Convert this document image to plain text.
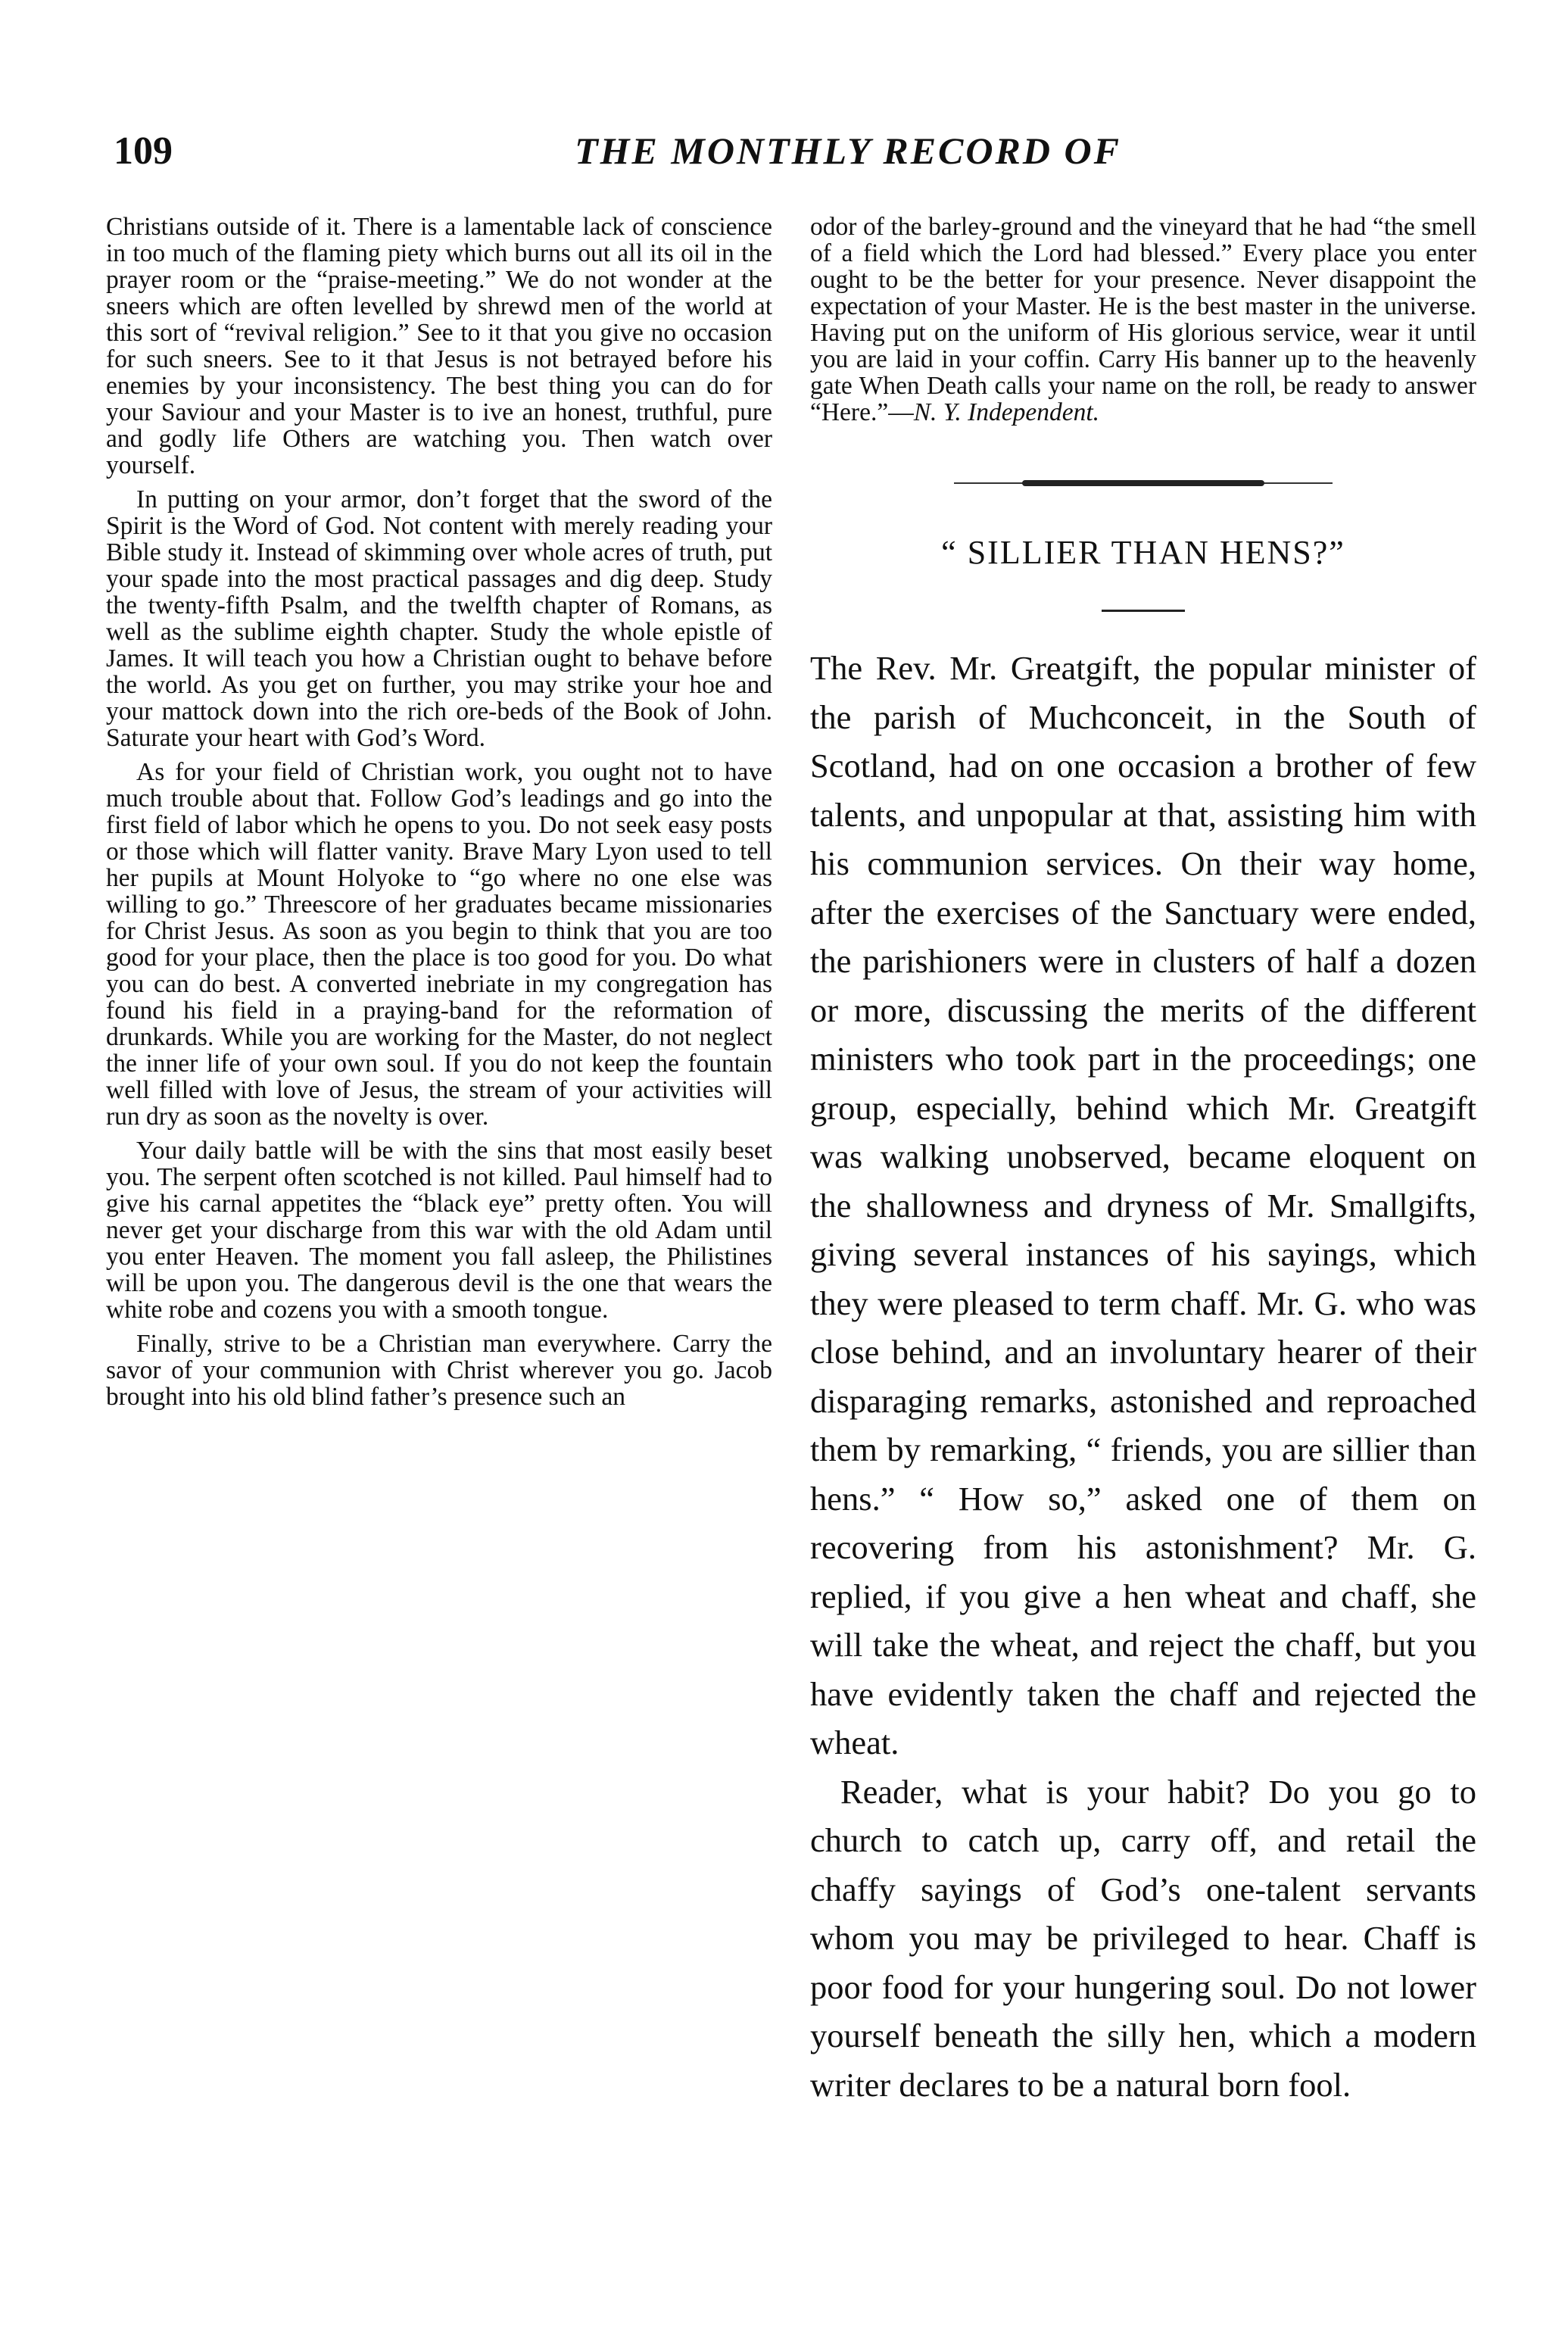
109	THE MONTHLY RECORD OF

Christians outside of it. There is a lamentable lack of conscience in too much of the flaming piety which burns out all its oil in the prayer room or the “praise-meeting.” We do not wonder at the sneers which are often levelled by shrewd men of the world at this sort of “revival religion.” See to it that you give no occasion for such sneers. See to it that Jesus is not betrayed before his enemies by your inconsistency. The best thing you can do for your Saviour and your Master is to ive an honest, truthful, pure and godly life Others are watching you. Then watch over yourself.

In putting on your armor, don’t forget that the sword of the Spirit is the Word of God. Not content with merely reading your Bible study it. Instead of skimming over whole acres of truth, put your spade into the most practical passages and dig deep. Study the twenty-fifth Psalm, and the twelfth chapter of Romans, as well as the sublime eighth chapter. Study the whole epistle of James. It will teach you how a Christian ought to behave before the world. As you get on further, you may strike your hoe and your mattock down into the rich ore-beds of the Book of John. Saturate your heart with God’s Word.

As for your field of Christian work, you ought not to have much trouble about that. Follow God’s leadings and go into the first field of labor which he opens to you. Do not seek easy posts or those which will flatter vanity. Brave Mary Lyon used to tell her pupils at Mount Holyoke to “go where no one else was willing to go.” Threescore of her graduates became missionaries for Christ Jesus. As soon as you begin to think that you are too good for your place, then the place is too good for you. Do what you can do best. A converted inebriate in my congregation has found his field in a praying-band for the reformation of drunkards. While you are working for the Master, do not neglect the inner life of your own soul. If you do not keep the fountain well filled with love of Jesus, the stream of your activities will run dry as soon as the novelty is over.

Your daily battle will be with the sins that most easily beset you. The serpent often scotched is not killed. Paul himself had to give his carnal appetites the “black eye” pretty often. You will never get your discharge from this war with the old Adam until you enter Heaven. The moment you fall asleep, the Philistines will be upon you. The dangerous devil is the one that wears the white robe and cozens you with a smooth tongue.

Finally, strive to be a Christian man everywhere. Carry the savor of your communion with Christ wherever you go. Jacob brought into his old blind father’s presence such an

odor of the barley-ground and the vineyard that he had “the smell of a field which the Lord had blessed.” Every place you enter ought to be the better for your presence. Never disappoint the expectation of your Master. He is the best master in the universe. Having put on the uniform of His glorious service, wear it until you are laid in your coffin. Carry His banner up to the heavenly gate When Death calls your name on the roll, be ready to answer “Here.”—N. Y. Independent.

“ SILLIER THAN HENS?”

The Rev. Mr. Greatgift, the popular minister of the parish of Muchconceit, in the South of Scotland, had on one occasion a brother of few talents, and unpopular at that, assisting him with his communion services. On their way home, after the exercises of the Sanctuary were ended, the parishioners were in clusters of half a dozen or more, discussing the merits of the different ministers who took part in the proceedings; one group, especially, behind which Mr. Greatgift was walking unobserved, became eloquent on the shallowness and dryness of Mr. Smallgifts, giving several instances of his sayings, which they were pleased to term chaff. Mr. G. who was close behind, and an involuntary hearer of their disparaging remarks, astonished and reproached them by remarking, “ friends, you are sillier than hens.” “ How so,” asked one of them on recovering from his astonishment? Mr. G. replied, if you give a hen wheat and chaff, she will take the wheat, and reject the chaff, but you have evidently taken the chaff and rejected the wheat.

Reader, what is your habit? Do you go to church to catch up, carry off, and retail the chaffy sayings of God’s one-talent servants whom you may be privileged to hear. Chaff is poor food for your hungering soul. Do not lower yourself beneath the silly hen, which a modern writer declares to be a natural born fool.
